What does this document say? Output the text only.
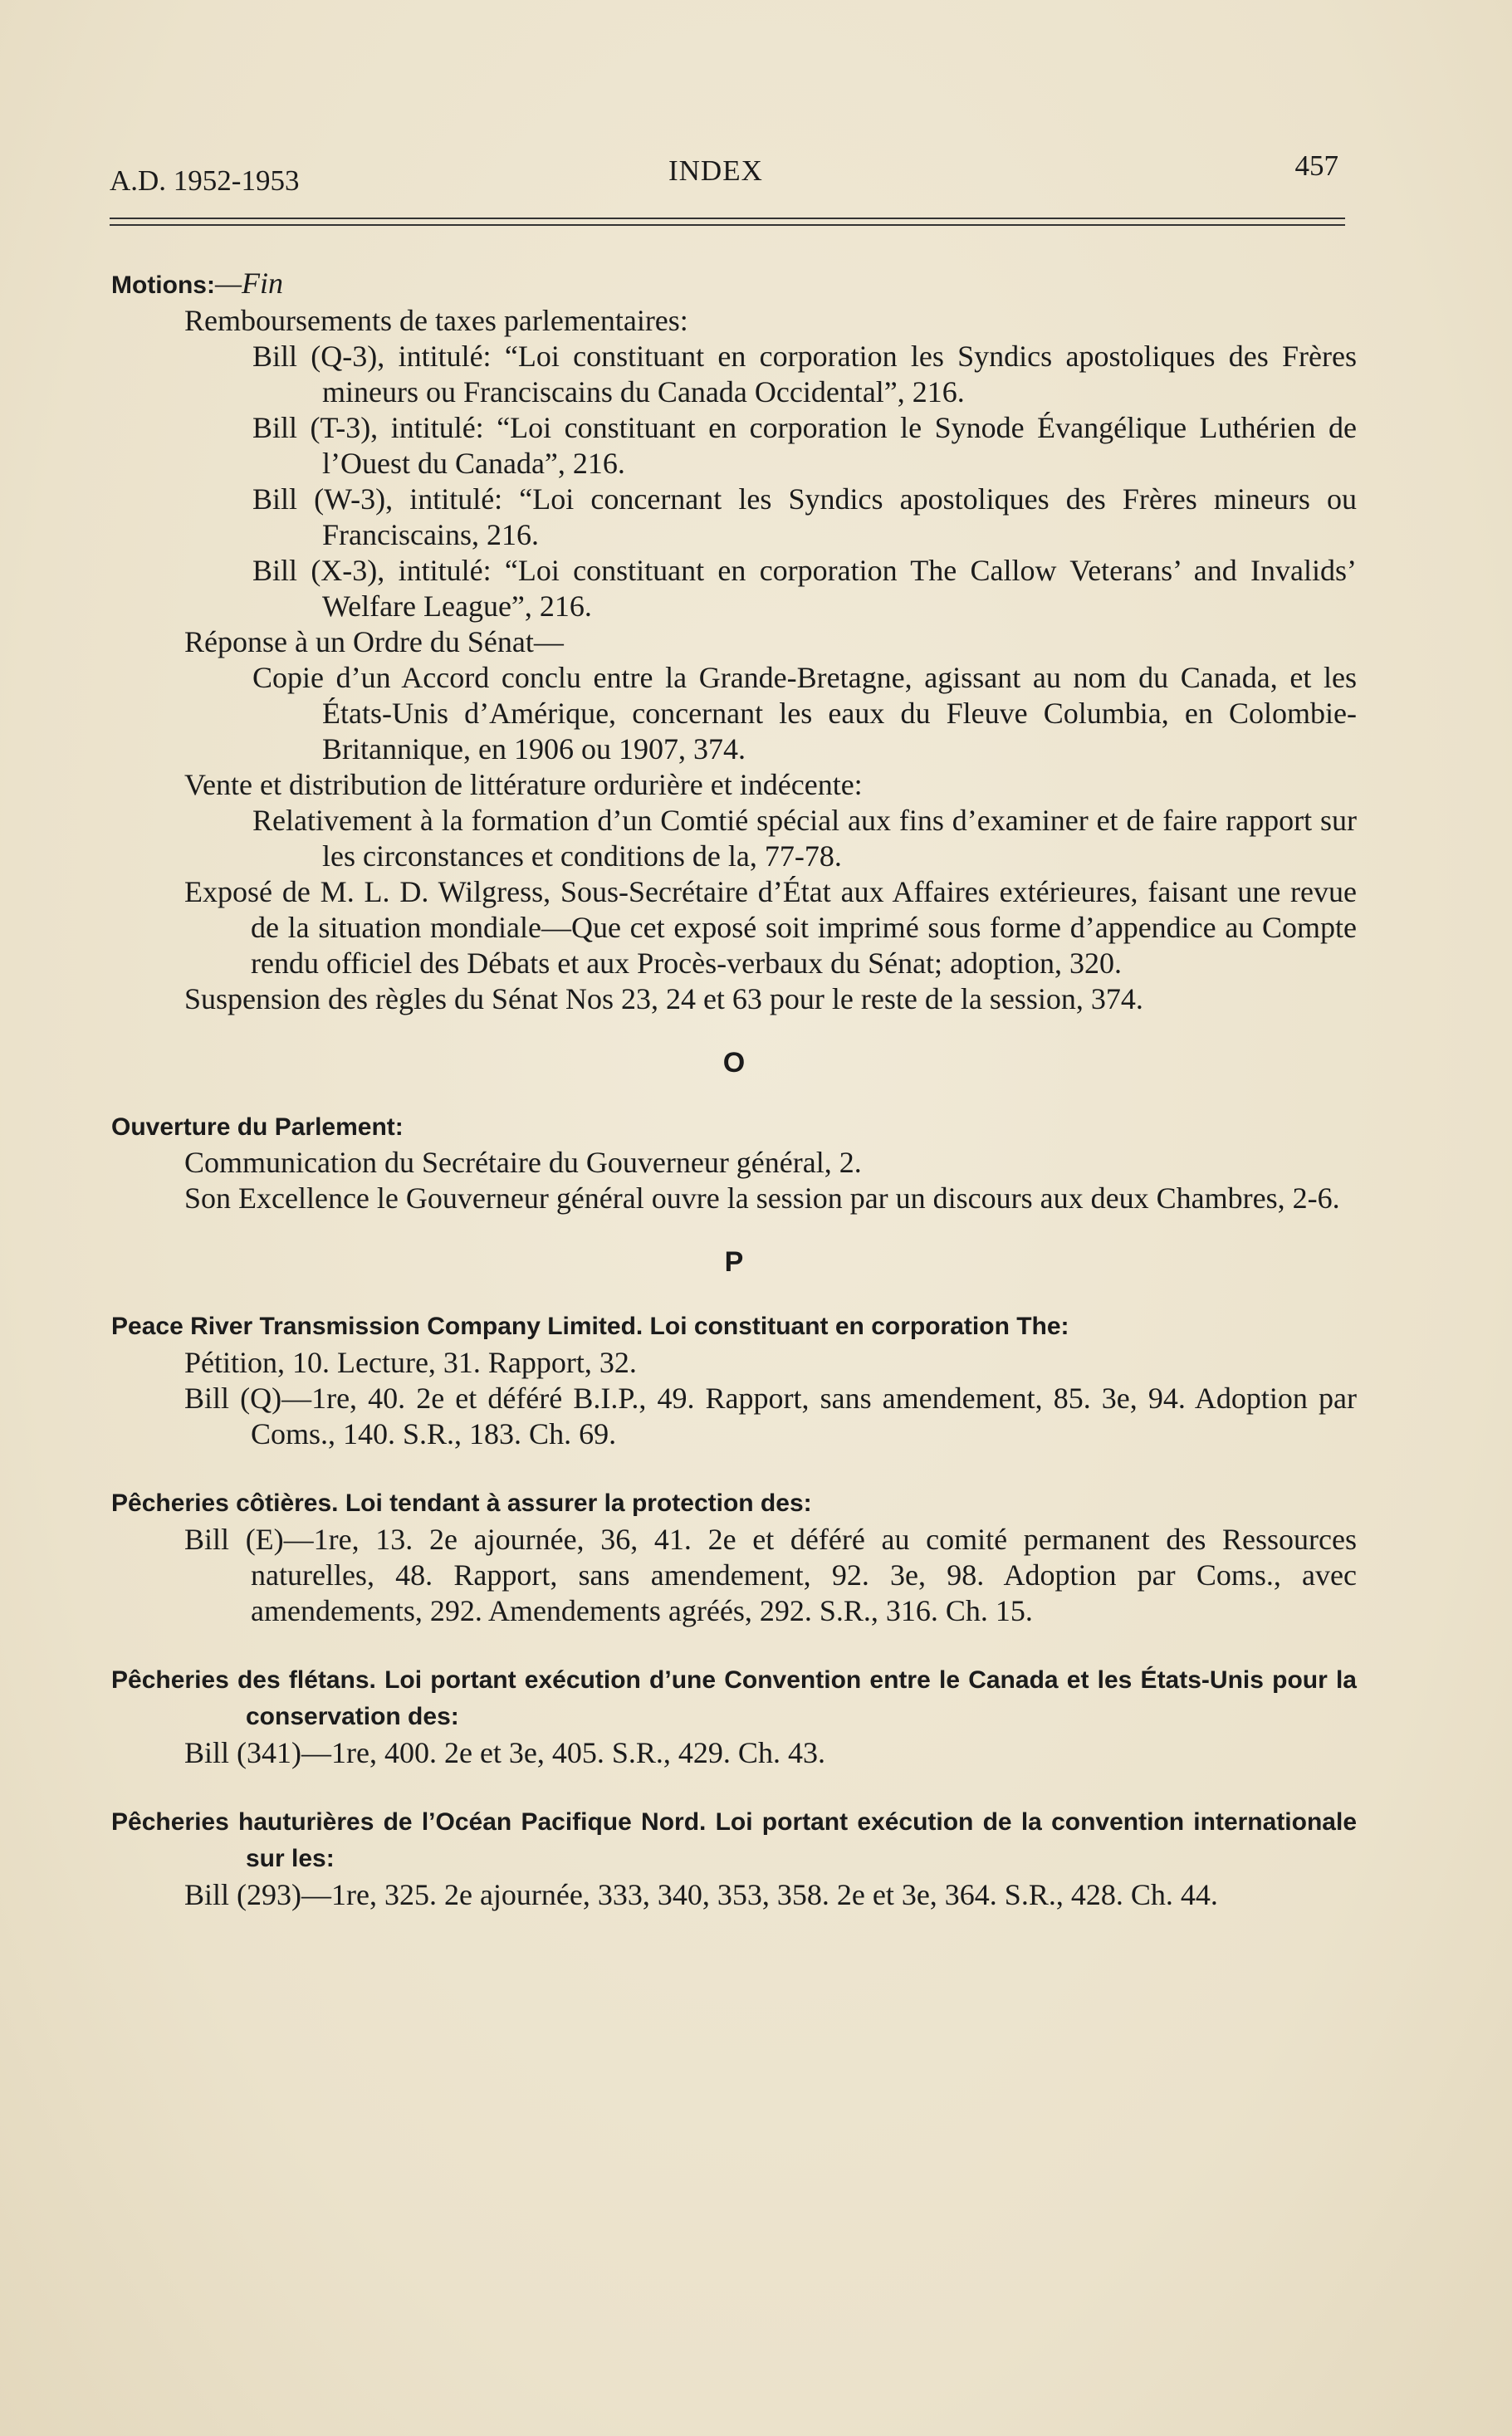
A.D. 1952-1953	INDEX	457
Motions:—Fin
Remboursements de taxes parlementaires:
Bill (Q-3), intitulé: “Loi constituant en corporation les Syndics apostoliques des Frères mineurs ou Franciscains du Canada Occidental”, 216.
Bill (T-3), intitulé: “Loi constituant en corporation le Synode Évangélique Luthérien de l’Ouest du Canada”, 216.
Bill (W-3), intitulé: “Loi concernant les Syndics apostoliques des Frères mineurs ou Franciscains, 216.
Bill (X-3), intitulé: “Loi constituant en corporation The Callow Veterans’ and Invalids’ Welfare League”, 216.
Réponse à un Ordre du Sénat—
Copie d’un Accord conclu entre la Grande-Bretagne, agissant au nom du Canada, et les États-Unis d’Amérique, concernant les eaux du Fleuve Columbia, en Colombie-Britannique, en 1906 ou 1907, 374.
Vente et distribution de littérature ordurière et indécente:
Relativement à la formation d’un Comtié spécial aux fins d’examiner et de faire rapport sur les circonstances et conditions de la, 77-78.
Exposé de M. L. D. Wilgress, Sous-Secrétaire d’État aux Affaires extérieures, faisant une revue de la situation mondiale—Que cet exposé soit imprimé sous forme d’appendice au Compte rendu officiel des Débats et aux Procès-verbaux du Sénat; adoption, 320.
Suspension des règles du Sénat Nos 23, 24 et 63 pour le reste de la session, 374.
O
Ouverture du Parlement:
Communication du Secrétaire du Gouverneur général, 2.
Son Excellence le Gouverneur général ouvre la session par un discours aux deux Chambres, 2-6.
P
Peace River Transmission Company Limited. Loi constituant en corporation The:
Pétition, 10. Lecture, 31. Rapport, 32.
Bill (Q)—1re, 40. 2e et déféré B.I.P., 49. Rapport, sans amendement, 85. 3e, 94. Adoption par Coms., 140. S.R., 183. Ch. 69.
Pêcheries côtières. Loi tendant à assurer la protection des:
Bill (E)—1re, 13. 2e ajournée, 36, 41. 2e et déféré au comité permanent des Ressources naturelles, 48. Rapport, sans amendement, 92. 3e, 98. Adoption par Coms., avec amendements, 292. Amendements agréés, 292. S.R., 316. Ch. 15.
Pêcheries des flétans. Loi portant exécution d’une Convention entre le Canada et les États-Unis pour la conservation des:
Bill (341)—1re, 400. 2e et 3e, 405. S.R., 429. Ch. 43.
Pêcheries hauturières de l’Océan Pacifique Nord. Loi portant exécution de la convention internationale sur les:
Bill (293)—1re, 325. 2e ajournée, 333, 340, 353, 358. 2e et 3e, 364. S.R., 428. Ch. 44.
